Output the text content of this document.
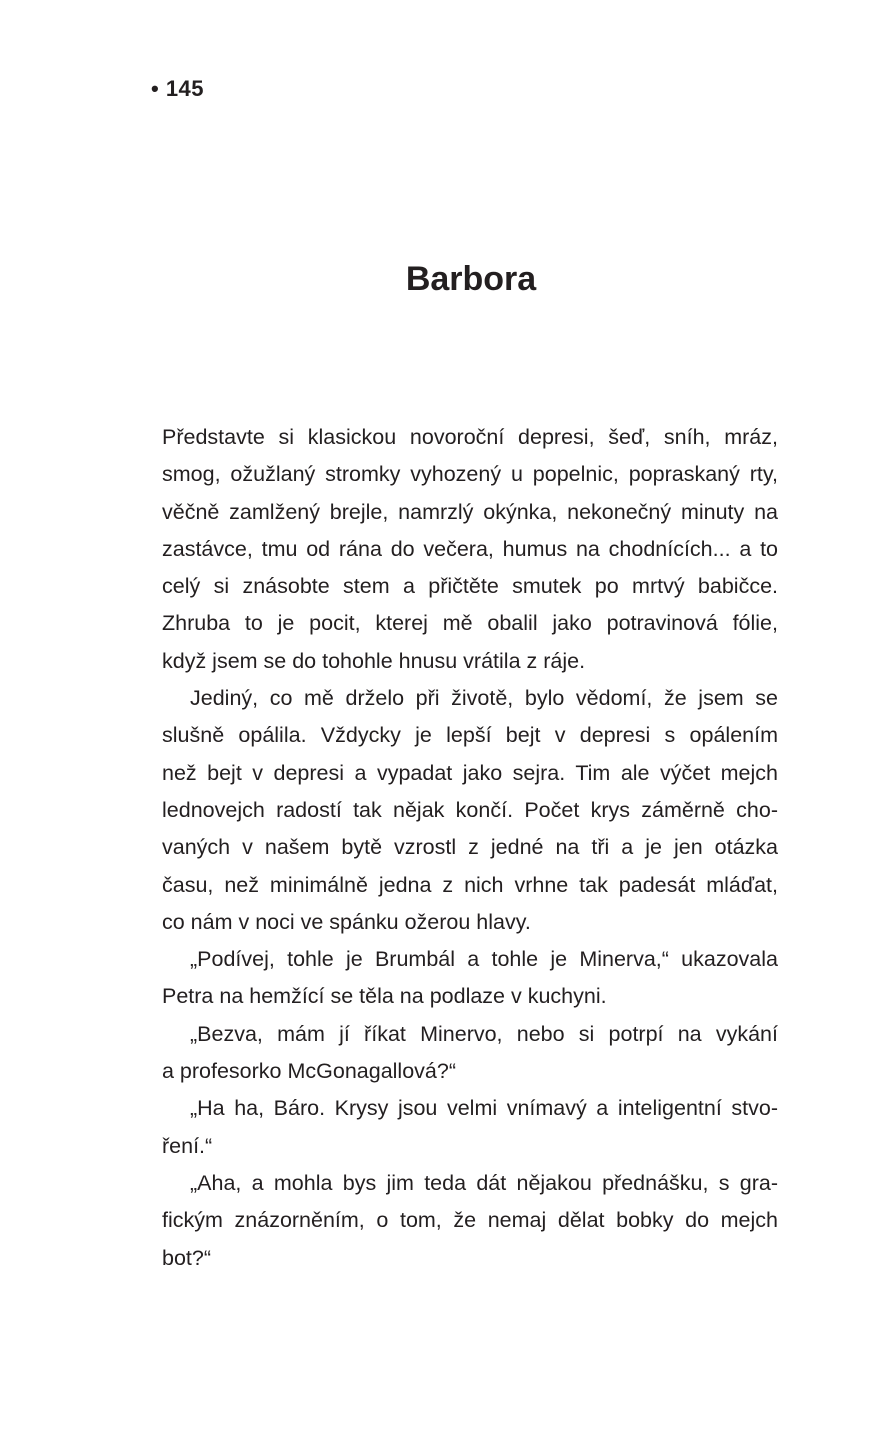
• 145
Barbora
Představte si klasickou novoroční depresi, šeď, sníh, mráz,
smog, ožužlaný stromky vyhozený u popelnic, popraskaný rty,
věčně zamlžený brejle, namrzlý okýnka, nekonečný minuty na
zastávce, tmu od rána do večera, humus na chodnících... a to
celý si znásobte stem a přičtěte smutek po mrtvý babičce.
Zhruba to je pocit, kterej mě obalil jako potravinová fólie,
když jsem se do tohohle hnusu vrátila z ráje.
Jediný, co mě drželo při životě, bylo vědomí, že jsem se
slušně opálila. Vždycky je lepší bejt v depresi s opálením
než bejt v depresi a vypadat jako sejra. Tim ale výčet mejch
lednovejch radostí tak nějak končí. Počet krys záměrně cho-
vaných v našem bytě vzrostl z jedné na tři a je jen otázka
času, než minimálně jedna z nich vrhne tak padesát mláďat,
co nám v noci ve spánku ožerou hlavy.
„Podívej, tohle je Brumbál a tohle je Minerva,“ ukazovala
Petra na hemžící se těla na podlaze v kuchyni.
„Bezva, mám jí říkat Minervo, nebo si potrpí na vykání
a profesorko McGonagallová?“
„Ha ha, Báro. Krysy jsou velmi vnímavý a inteligentní stvo-
ření.“
„Aha, a mohla bys jim teda dát nějakou přednášku, s gra-
fickým znázorněním, o tom, že nemaj dělat bobky do mejch
bot?“
